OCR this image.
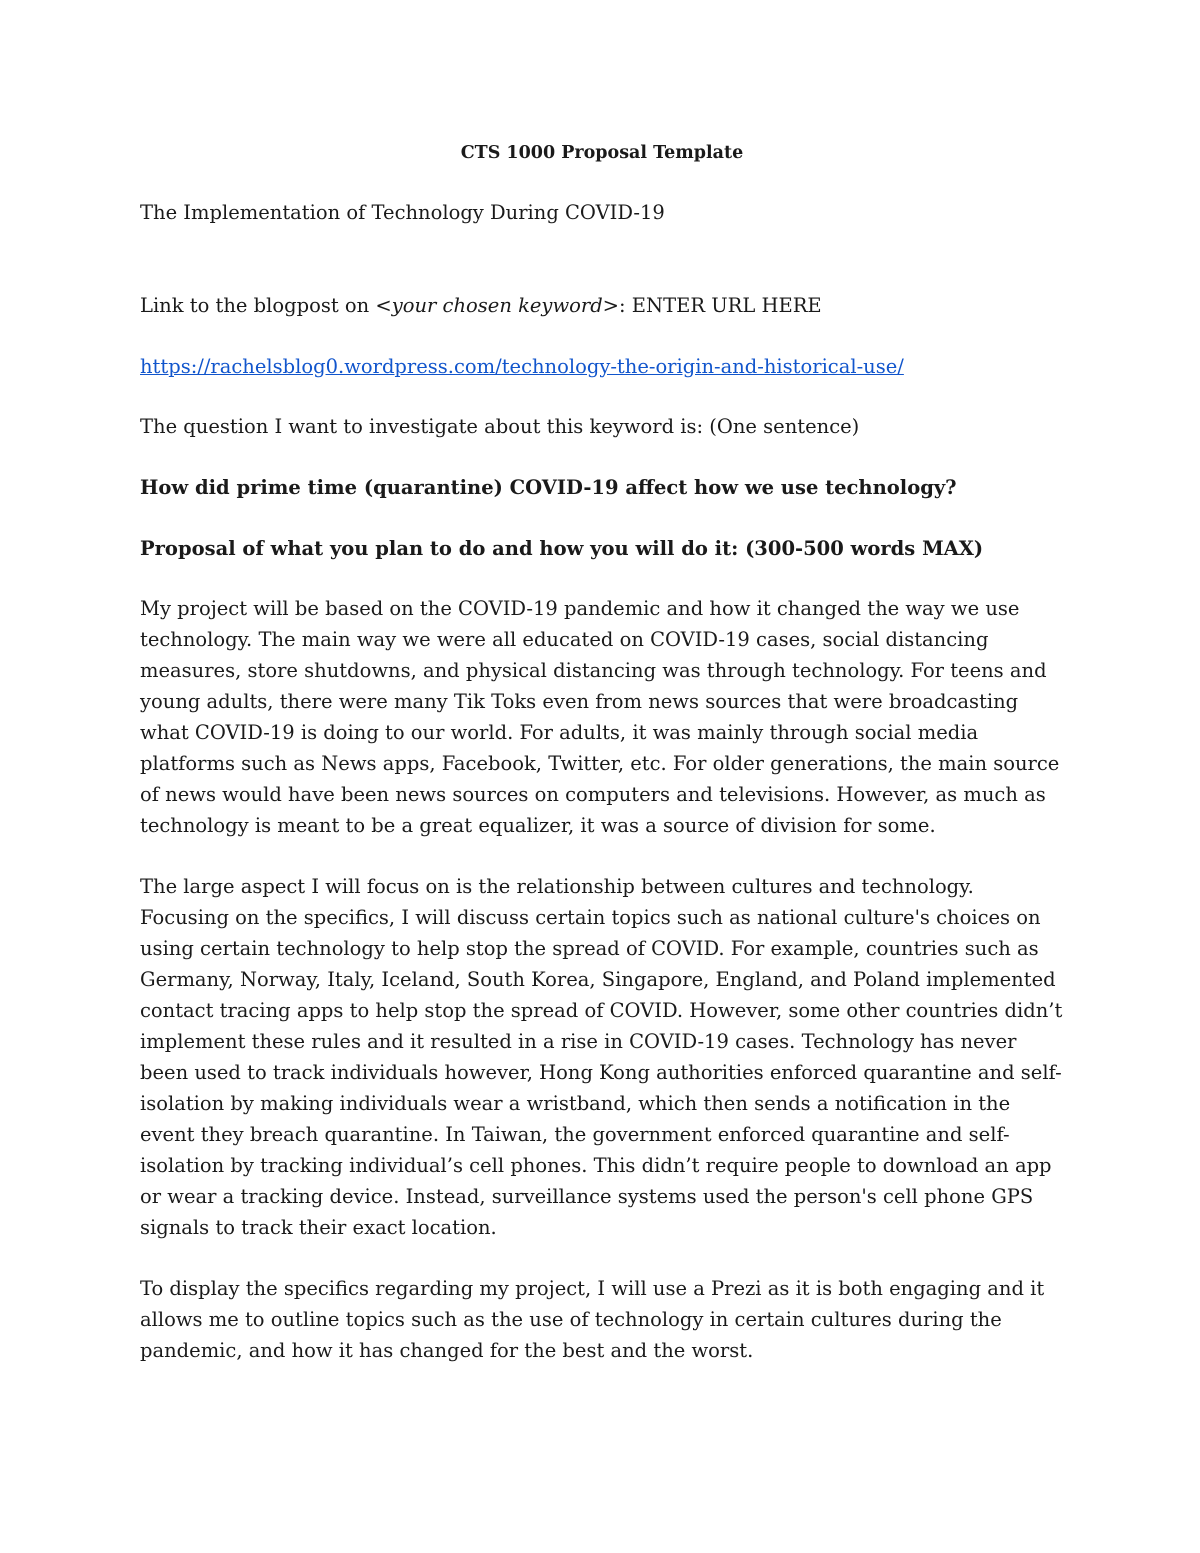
CTS 1000 Proposal Template

The Implementation of Technology During COVID-19

Link to the blogpost on <your chosen keyword>: ENTER URL HERE

https://rachelsblog0.wordpress.com/technology-the-origin-and-historical-use/

The question I want to investigate about this keyword is: (One sentence)

How did prime time (quarantine) COVID-19 affect how we use technology?

Proposal of what you plan to do and how you will do it: (300-500 words MAX)

My project will be based on the COVID-19 pandemic and how it changed the way we use technology. The main way we were all educated on COVID-19 cases, social distancing measures, store shutdowns, and physical distancing was through technology. For teens and young adults, there were many Tik Toks even from news sources that were broadcasting what COVID-19 is doing to our world. For adults, it was mainly through social media platforms such as News apps, Facebook, Twitter, etc. For older generations, the main source of news would have been news sources on computers and televisions. However, as much as technology is meant to be a great equalizer, it was a source of division for some.

The large aspect I will focus on is the relationship between cultures and technology. Focusing on the specifics, I will discuss certain topics such as national culture's choices on using certain technology to help stop the spread of COVID. For example, countries such as Germany, Norway, Italy, Iceland, South Korea, Singapore, England, and Poland implemented contact tracing apps to help stop the spread of COVID. However, some other countries didn’t implement these rules and it resulted in a rise in COVID-19 cases. Technology has never been used to track individuals however, Hong Kong authorities enforced quarantine and self-isolation by making individuals wear a wristband, which then sends a notification in the event they breach quarantine. In Taiwan, the government enforced quarantine and self-isolation by tracking individual’s cell phones. This didn’t require people to download an app or wear a tracking device. Instead, surveillance systems used the person's cell phone GPS signals to track their exact location.

To display the specifics regarding my project, I will use a Prezi as it is both engaging and it allows me to outline topics such as the use of technology in certain cultures during the pandemic, and how it has changed for the best and the worst.
